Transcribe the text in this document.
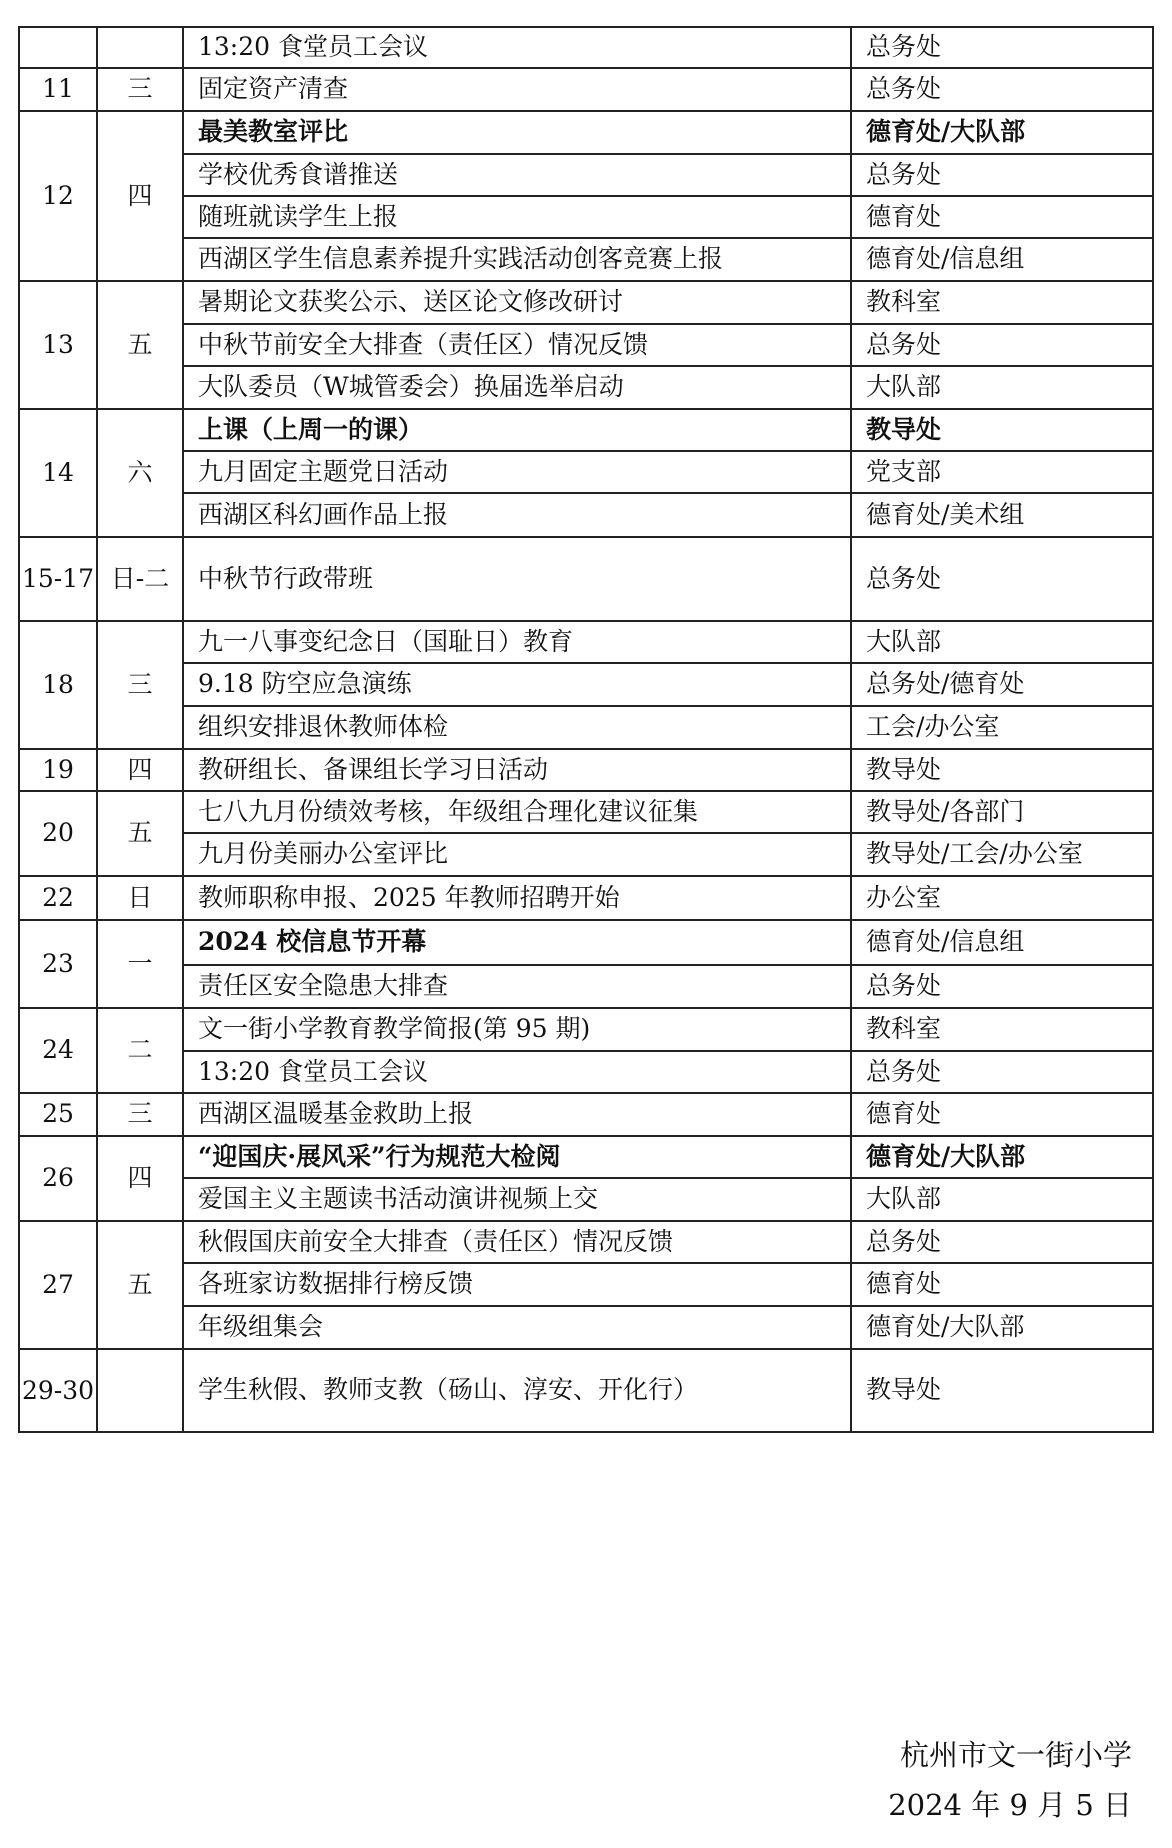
		13:20 食堂员工会议	总务处
11	三	固定资产清查	总务处
12	四	最美教室评比	德育处/大队部
		学校优秀食谱推送	总务处
		随班就读学生上报	德育处
		西湖区学生信息素养提升实践活动创客竞赛上报	德育处/信息组
13	五	暑期论文获奖公示、送区论文修改研讨	教科室
		中秋节前安全大排查（责任区）情况反馈	总务处
		大队委员（W城管委会）换届选举启动	大队部
14	六	上课（上周一的课）	教导处
		九月固定主题党日活动	党支部
		西湖区科幻画作品上报	德育处/美术组
15-17	日-二	中秋节行政带班	总务处
18	三	九一八事变纪念日（国耻日）教育	大队部
		9.18 防空应急演练	总务处/德育处
		组织安排退休教师体检	工会/办公室
19	四	教研组长、备课组长学习日活动	教导处
20	五	七八九月份绩效考核，年级组合理化建议征集	教导处/各部门
		九月份美丽办公室评比	教导处/工会/办公室
22	日	教师职称申报、2025 年教师招聘开始	办公室
23	一	2024 校信息节开幕	德育处/信息组
		责任区安全隐患大排查	总务处
24	二	文一街小学教育教学简报(第 95 期)	教科室
		13:20 食堂员工会议	总务处
25	三	西湖区温暖基金救助上报	德育处
26	四	“迎国庆·展风采”行为规范大检阅	德育处/大队部
		爱国主义主题读书活动演讲视频上交	大队部
27	五	秋假国庆前安全大排查（责任区）情况反馈	总务处
		各班家访数据排行榜反馈	德育处
		年级组集会	德育处/大队部
29-30		学生秋假、教师支教（砀山、淳安、开化行）	教导处
杭州市文一街小学
2024 年 9 月 5 日
